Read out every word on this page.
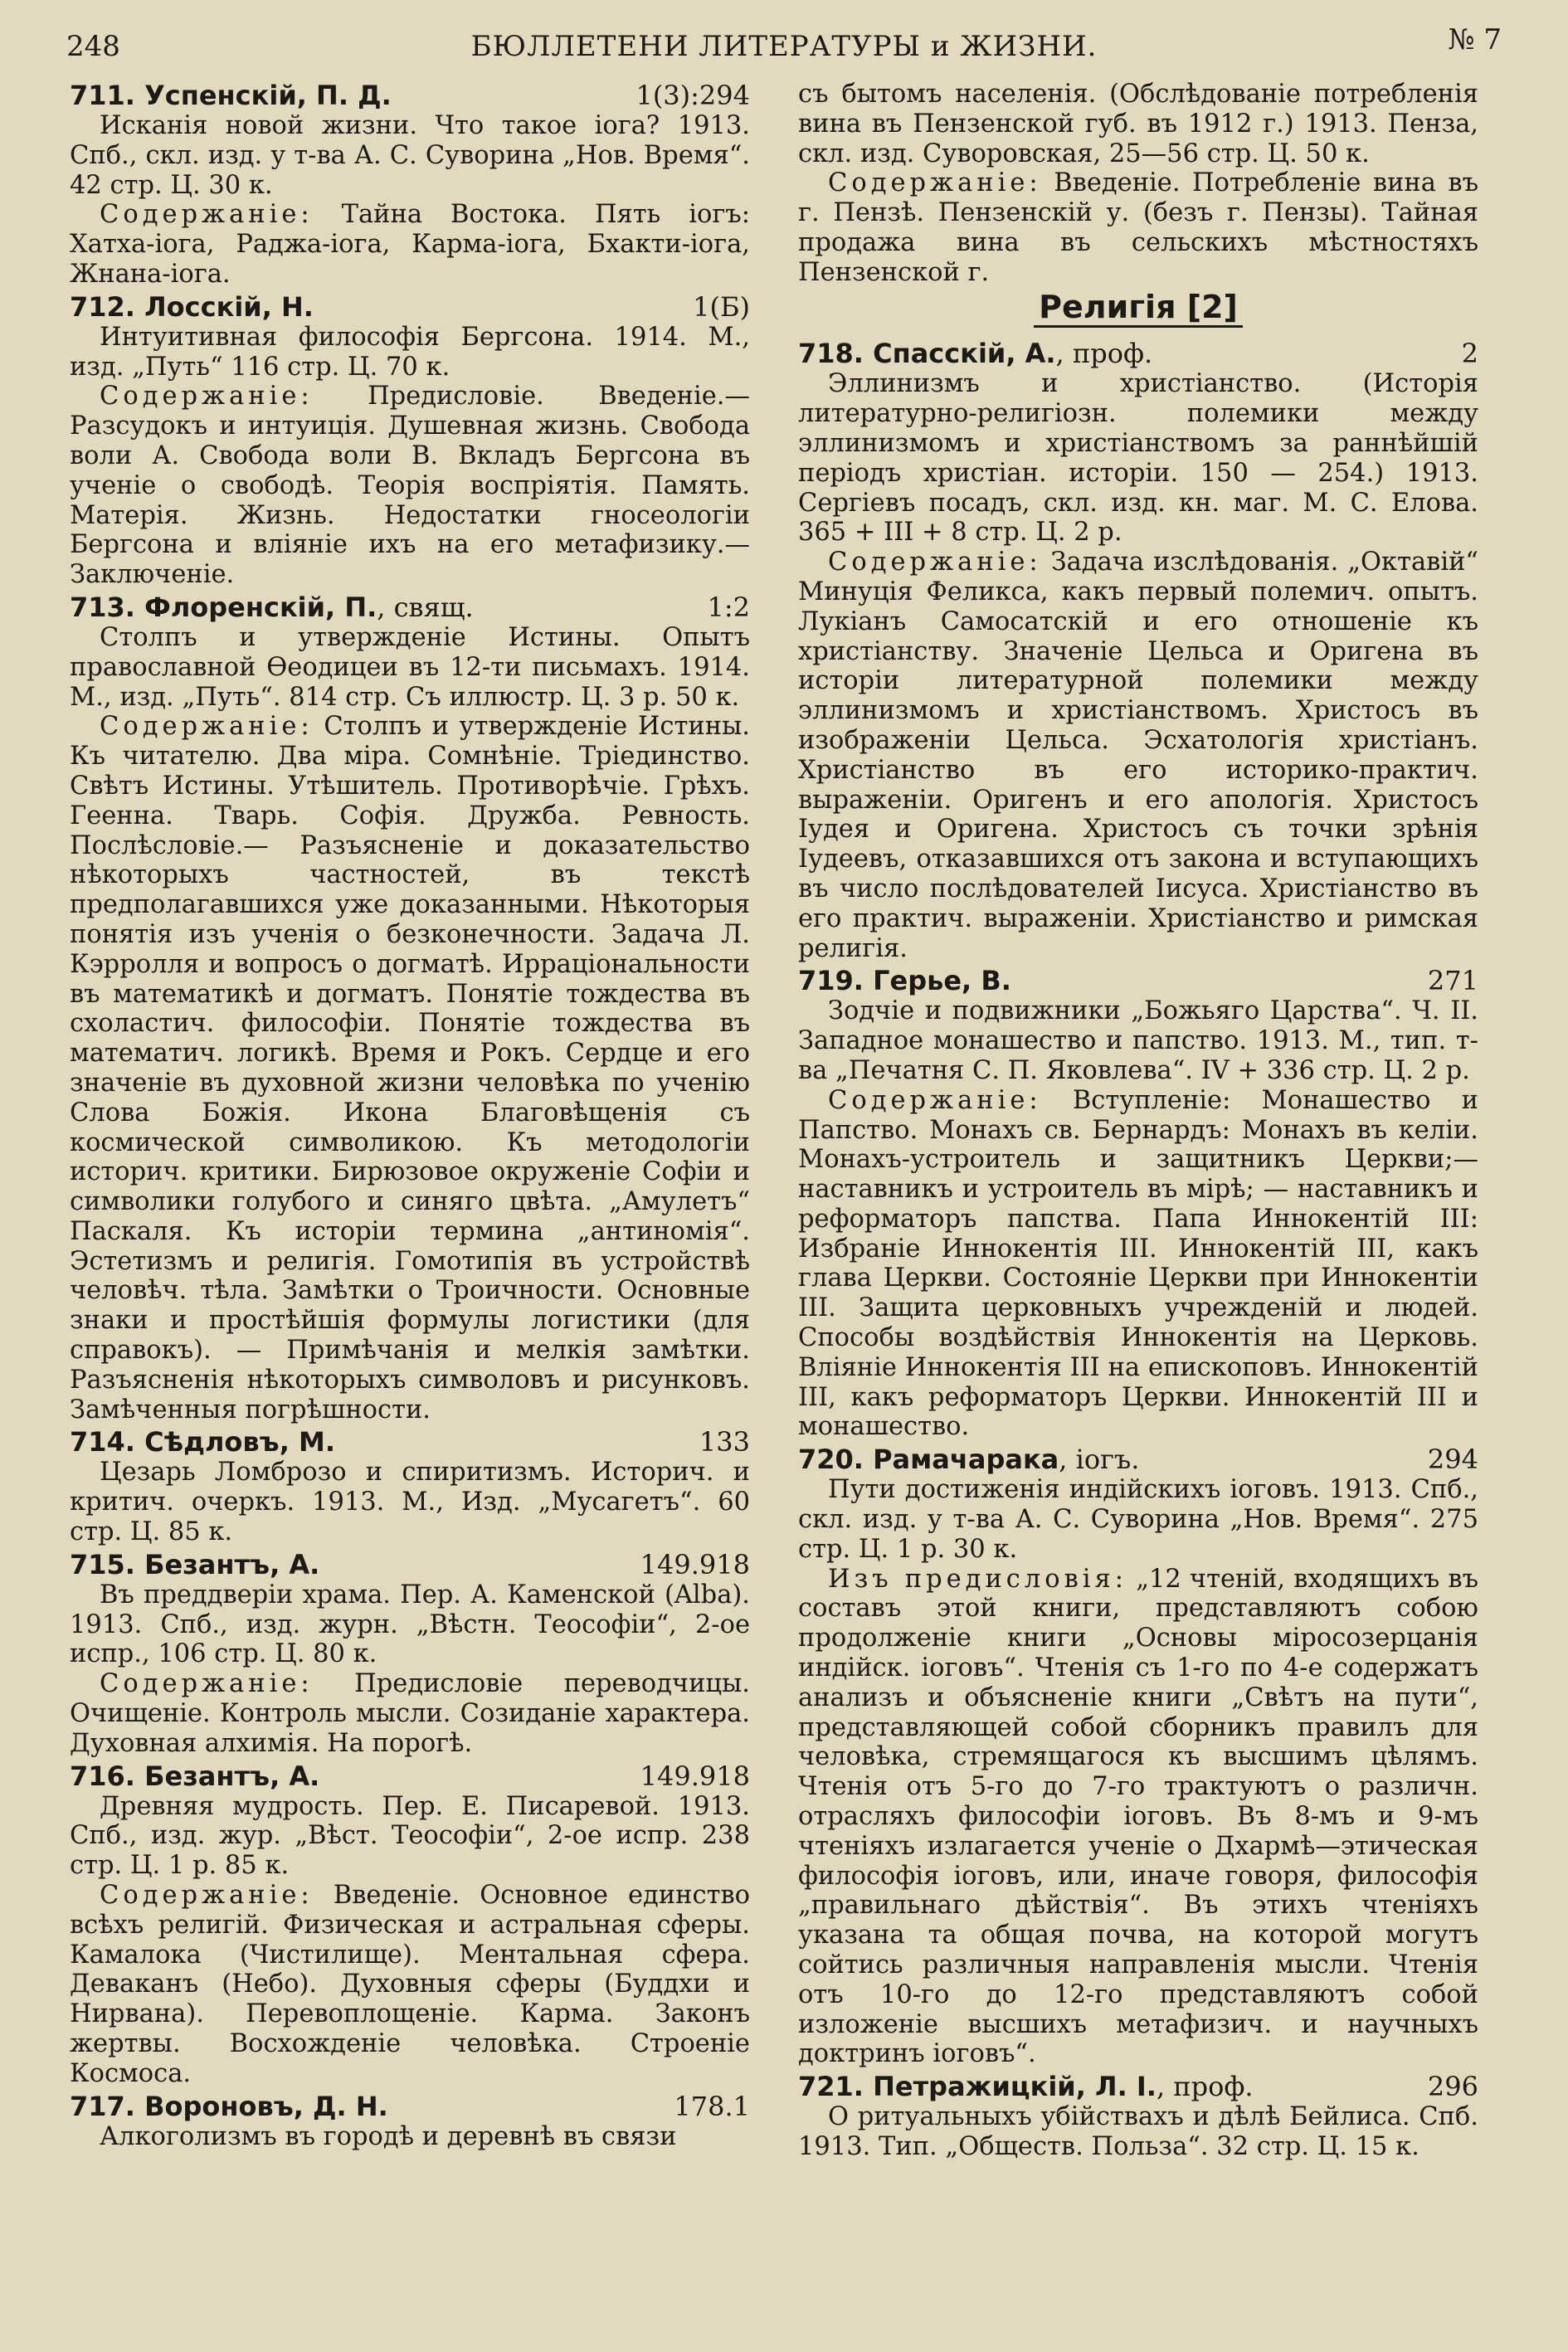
248	БЮЛЛЕТЕНИ ЛИТЕРАТУРЫ и ЖИЗНИ.	№ 7
711. Успенскій, П. Д.	1(3):294
Исканія новой жизни. Что такое іога? 1913. Спб., скл. изд. у т-ва А. С. Суворина „Нов. Время“. 42 стр. Ц. 30 к.
Содержаніе: Тайна Востока. Пять іогъ: Хатха-іога, Раджа-іога, Карма-іога, Бхакти-іога, Жнана-іога.
712. Лосскій, Н.	1(Б)
Интуитивная философія Бергсона. 1914. М., изд. „Путь“ 116 стр. Ц. 70 к.
Содержаніе: Предисловіе. Введеніе.—Разсудокъ и интуиція. Душевная жизнь. Свобода воли А. Свобода воли В. Вкладъ Бергсона въ ученіе о свободѣ. Теорія воспріятія. Память. Матерія. Жизнь. Недостатки гносеологіи Бергсона и вліяніе ихъ на его метафизику.—Заключеніе.
713. Флоренскій, П., свящ.	1:2
Столпъ и утвержденіе Истины. Опытъ православной Ѳеодицеи въ 12-ти письмахъ. 1914. М., изд. „Путь“. 814 стр. Съ иллюстр. Ц. 3 р. 50 к.
Содержаніе: Столпъ и утвержденіе Истины. Къ читателю. Два міра. Сомнѣніе. Тріединство. Свѣтъ Истины. Утѣшитель. Противорѣчіе. Грѣхъ. Геенна. Тварь. Софія. Дружба. Ревность. Послѣсловіе.— Разъясненіе и доказательство нѣкоторыхъ частностей, въ текстѣ предполагавшихся уже доказанными. Нѣкоторыя понятія изъ ученія о безконечности. Задача Л. Кэрролля и вопросъ о догматѣ. Ирраціональности въ математикѣ и догматъ. Понятіе тождества въ схоластич. философіи. Понятіе тождества въ математич. логикѣ. Время и Рокъ. Сердце и его значеніе въ духовной жизни человѣка по ученію Слова Божія. Икона Благовѣщенія съ космической символикою. Къ методологіи историч. критики. Бирюзовое окруженіе Софіи и символики голубого и синяго цвѣта. „Амулетъ“ Паскаля. Къ исторіи термина „антиномія“. Эстетизмъ и религія. Гомотипія въ устройствѣ человѣч. тѣла. Замѣтки о Троичности. Основные знаки и простѣйшія формулы логистики (для справокъ). — Примѣчанія и мелкія замѣтки. Разъясненія нѣкоторыхъ символовъ и рисунковъ. Замѣченныя погрѣшности.
714. Сѣдловъ, М.	133
Цезарь Ломброзо и спиритизмъ. Историч. и критич. очеркъ. 1913. М., Изд. „Мусагетъ“. 60 стр. Ц. 85 к.
715. Безантъ, А.	149.918
Въ преддверіи храма. Пер. А. Каменской (Alba). 1913. Спб., изд. журн. „Вѣстн. Теософіи“, 2-ое испр., 106 стр. Ц. 80 к.
Содержаніе: Предисловіе переводчицы. Очищеніе. Контроль мысли. Созиданіе характера. Духовная алхимія. На порогѣ.
716. Безантъ, А.	149.918
Древняя мудрость. Пер. Е. Писаревой. 1913. Спб., изд. жур. „Вѣст. Теософіи“, 2-ое испр. 238 стр. Ц. 1 р. 85 к.
Содержаніе: Введеніе. Основное единство всѣхъ религій. Физическая и астральная сферы. Камалока (Чистилище). Ментальная сфера. Деваканъ (Небо). Духовныя сферы (Буддхи и Нирвана). Перевоплощеніе. Карма. Законъ жертвы. Восхожденіе человѣка. Строеніе Космоса.
717. Вороновъ, Д. Н.	178.1
Алкоголизмъ въ городѣ и деревнѣ въ связи
съ бытомъ населенія. (Обслѣдованіе потребленія вина въ Пензенской губ. въ 1912 г.) 1913. Пенза, скл. изд. Суворовская, 25—56 стр. Ц. 50 к.
Содержаніе: Введеніе. Потребленіе вина въ г. Пензѣ. Пензенскій у. (безъ г. Пензы). Тайная продажа вина въ сельскихъ мѣстностяхъ Пензенской г.
Религія [2]
718. Спасскій, А., проф.	2
Эллинизмъ и христіанство. (Исторія литературно-религіозн. полемики между эллинизмомъ и христіанствомъ за раннѣйшій періодъ христіан. исторіи. 150 — 254.) 1913. Сергіевъ посадъ, скл. изд. кн. маг. М. С. Елова. 365 + III + 8 стр. Ц. 2 р.
Содержаніе: Задача изслѣдованія. „Октавій“ Минуція Феликса, какъ первый полемич. опытъ. Лукіанъ Самосатскій и его отношеніе къ христіанству. Значеніе Цельса и Оригена въ исторіи литературной полемики между эллинизмомъ и христіанствомъ. Христосъ въ изображеніи Цельса. Эсхатологія христіанъ. Христіанство въ его историко-практич. выраженіи. Оригенъ и его апологія. Христосъ Іудея и Оригена. Христосъ съ точки зрѣнія Іудеевъ, отказавшихся отъ закона и вступающихъ въ число послѣдователей Іисуса. Христіанство въ его практич. выраженіи. Христіанство и римская религія.
719. Герье, В.	271
Зодчіе и подвижники „Божьяго Царства“. Ч. II. Западное монашество и папство. 1913. М., тип. т-ва „Печатня С. П. Яковлева“. IV + 336 стр. Ц. 2 р.
Содержаніе: Вступленіе: Монашество и Папство. Монахъ св. Бернардъ: Монахъ въ келіи. Монахъ-устроитель и защитникъ Церкви;— наставникъ и устроитель въ мірѣ; — наставникъ и реформаторъ папства. Папа Иннокентій III: Избраніе Иннокентія III. Иннокентій III, какъ глава Церкви. Состояніе Церкви при Иннокентіи III. Защита церковныхъ учрежденій и людей. Способы воздѣйствія Иннокентія на Церковь. Вліяніе Иннокентія III на епископовъ. Иннокентій III, какъ реформаторъ Церкви. Иннокентій III и монашество.
720. Рамачарака, іогъ.	294
Пути достиженія индійскихъ іоговъ. 1913. Спб., скл. изд. у т-ва А. С. Суворина „Нов. Время“. 275 стр. Ц. 1 р. 30 к.
Изъ предисловія: „12 чтеній, входящихъ въ составъ этой книги, представляютъ собою продолженіе книги „Основы міросозерцанія индійск. іоговъ“. Чтенія съ 1-го по 4-е содержатъ анализъ и объясненіе книги „Свѣтъ на пути“, представляющей собой сборникъ правилъ для человѣка, стремящагося къ высшимъ цѣлямъ. Чтенія отъ 5-го до 7-го трактуютъ о различн. отрасляхъ философіи іоговъ. Въ 8-мъ и 9-мъ чтеніяхъ излагается ученіе о Дхармѣ—этическая философія іоговъ, или, иначе говоря, философія „правильнаго дѣйствія“. Въ этихъ чтеніяхъ указана та общая почва, на которой могутъ сойтись различныя направленія мысли. Чтенія отъ 10-го до 12-го представляютъ собой изложеніе высшихъ метафизич. и научныхъ доктринъ іоговъ“.
721. Петражицкій, Л. І., проф.	296
О ритуальныхъ убійствахъ и дѣлѣ Бейлиса. Спб. 1913. Тип. „Обществ. Польза“. 32 стр. Ц. 15 к.
